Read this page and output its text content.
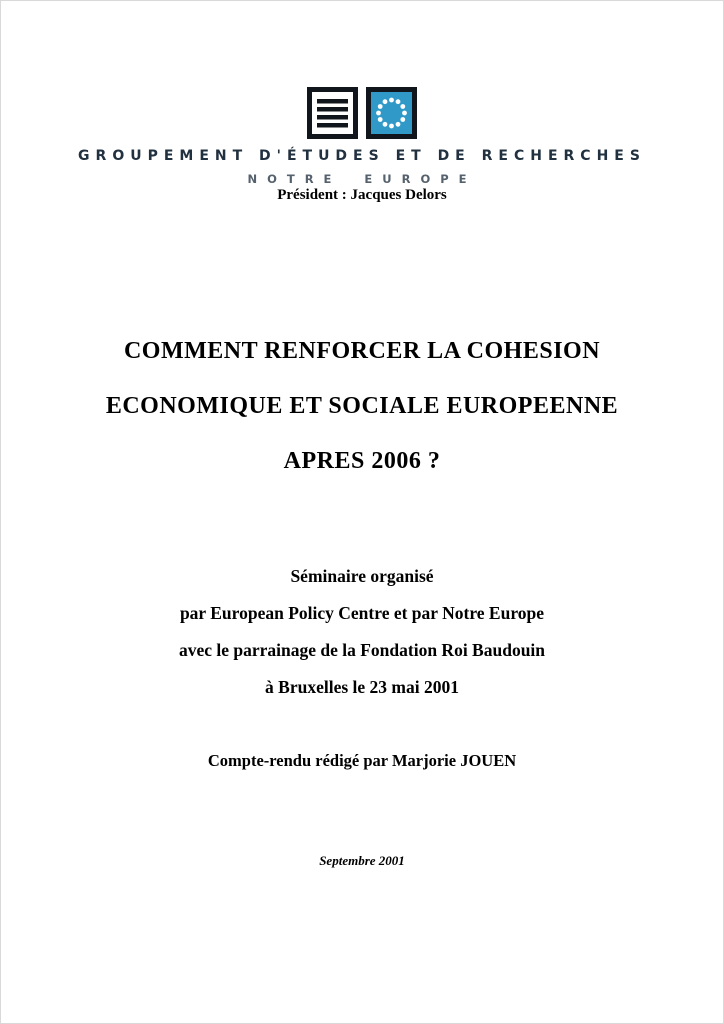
GROUPEMENT D'ÉTUDES ET DE RECHERCHES
NOTRE EUROPE
Président : Jacques Delors
COMMENT RENFORCER LA COHESION
ECONOMIQUE ET SOCIALE EUROPEENNE
APRES 2006 ?
Séminaire organisé
par European Policy Centre et par Notre Europe
avec le parrainage de la Fondation Roi Baudouin
à Bruxelles le 23 mai 2001
Compte-rendu rédigé par Marjorie JOUEN
Septembre 2001
